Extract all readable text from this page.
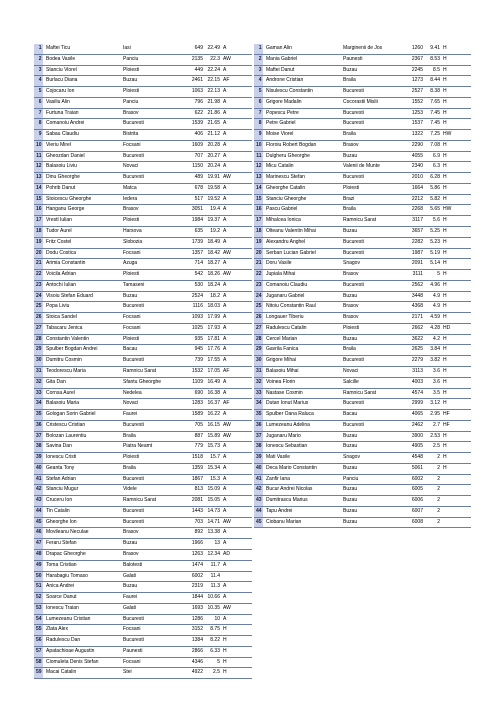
1	Maftei Ticu	Iasi	649	22.49	A
2	Bodea Vasile	Panciu	2135	22.3	AW
3	Stanciu Viorel	Ploiesti	449	22.24	A
4	Burlacu Diana	Buzau	2461	22.15	AF
5	Cojocaru Ion	Ploiesti	1063	22.13	A
6	Vasiliu Alin	Panciu	796	21.98	A
7	Furtuna Traian	Brasov	622	21.86	A
8	Comanoiu Andrei	Bucuresti	1539	21.65	A
9	Sabau Claudiu	Bistrita	406	21.12	A
10	Vieriu Mirel	Focsani	1609	20.28	A
11	Gheozdan Daniel	Bucuresti	707	20.27	A
12	Balasoiu Liviu	Novaci	1150	20.24	A
13	Dinu Gheorghe	Bucuresti	489	19.91	AW
14	Pohrib Danut	Matca	678	19.58	A
15	Stoicescu Gheorghe	Iedera	517	19.52	A
16	Hanganu George	Brasov	3051	19.4	A
17	Vrestl Iulian	Ploiesti	1984	19.37	A
18	Tudor Aurel	Harsova	635	19.2	A
19	Fritz Costel	Slobozia	1739	18.49	A
20	Dodu Costica	Focsani	1357	18.42	AW
21	Arimia Constantin	Azuga	714	18.27	A
22	Voicila Adrian	Ploiesti	542	18.26	AW
23	Antochi Iulian	Tamaseni	530	18.24	A
24	Visoiu Stefan Eduard	Buzau	2524	18.2	A
25	Popa Liviu	Bucuresti	1116	18.03	A
26	Stoica Sandel	Focsani	1093	17.99	A
27	Tabacaru Jenica	Focsani	1025	17.93	A
28	Constantin Valentin	Ploiesti	935	17.81	A
29	Spulber Bogdan Andrei	Bacau	945	17.76	A
30	Dumitru Cosmin	Bucuresti	739	17.55	A
31	Teodorescu Maria	Ramnicu Sarat	1532	17.05	AF
32	Gita Dan	Sfantu Gheorghe	1109	16.49	A
33	Cornsa Aurel	Nedelea	690	16.38	A
34	Balasoiu Maria	Novaci	1283	16.37	AF
35	Gologan Sorin Gabriel	Faurei	1589	16.22	A
36	Cristescu Cristian	Bucuresti	705	16.15	AW
37	Bolozan Laurentiu	Braila	887	15.89	AW
38	Savina Dan	Piatra Neamt	779	15.73	A
39	Ionescu Cristi	Ploiesti	1518	15.7	A
40	Geanta Tony	Braila	1359	15.34	A
41	Stefan Adrian	Bucuresti	1867	15.3	A
42	Stanciu Mugur	Videle	813	15.09	A
43	Cruceru Ion	Ramnicu Sarat	2081	15.05	A
44	Tin Catalin	Bucuresti	1443	14.73	A
45	Gheorghe Ion	Bucuresti	703	14.71	AW
46	Movileanu Neculae	Brasov	892	13.38	A
47	Feraru Stefan	Buzau	1966	13	A
48	Drapac Gheorghe	Brasov	1263	12.34	AD
49	Toma Cristian	Balotesti	1474	11.7	A
50	Harabagiu Tomaso	Galati	6002	11.4	
51	Anica Andrei	Buzau	2319	11.3	A
52	Soarce Danut	Faurei	1844	10.66	A
53	Ionescu Traian	Galati	1693	10.35	AW
54	Lumezeanu Cristian	Bucuresti	1286	10	A
55	Zlata Alex	Focsani	3152	8.75	H
56	Radulescu Dan	Bucuresti	1384	8.22	H
57	Apatachioae Augustin	Paunesti	2866	6.33	H
58	Ciomuleta Denis Stefan	Focsani	4346	5	H
59	Macai Catalin	Stei	4922	2.5	H
1	Gaman Alin	Marginenii de Jos	1260	9.41	H
2	Mania Gabriel	Paunesti	2367	8.53	H
3	Maftei Danut	Buzau	2245	8.5	H
4	Androne Cristian	Braila	1273	8.44	H
5	Nisulescu Constantin	Bucuresti	2527	8.38	H
6	Grigore Madalin	Cocorastii Mislii	1552	7.65	H
7	Popescu Petre	Bucuresti	1253	7.45	H
8	Petre Gabriel	Bucuresti	1537	7.45	H
9	Moise Viorel	Braila	1322	7.25	HW
10	Floroiu Robert Bogdan	Brasov	2290	7.08	H
11	Dulgheru Gheorghe	Buzau	4055	6.9	H
12	Micu Catalin	Valenii de Munte	2340	6.3	H
13	Marinescu Stefan	Bucuresti	2010	6.28	H
14	Gheorghe Catalin	Ploiesti	1664	5.86	H
15	Stanciu Gheorghe	Brazi	2212	5.82	H
16	Pascu Gabriel	Braila	2268	5.65	HW
17	Mihalcea Ionica	Ramnicu Sarat	3117	5.6	H
18	Olteanu Valentin Mihai	Buzau	3657	5.25	H
19	Alexandru Anghel	Bucuresti	2282	5.23	H
20	Serban Lucian Gabriel	Bucuresti	1987	5.19	H
21	Doru Vasile	Snagov	2091	5.14	H
22	Jupiala Mihai	Brasov	3111	5	H
23	Comanoiu Claudiu	Bucuresti	2562	4.96	H
24	Juganaru Gabriel	Buzau	3448	4.9	H
25	Nitoiu Constantin Raul	Brasov	4368	4.9	H
26	Longauer Tiberiu	Brasov	2171	4.59	H
27	Radulescu Catalin	Ploiesti	2662	4.28	HD
28	Cercel Marian	Buzau	3622	4.2	H
29	Gavrila Fanica	Braila	2625	3.84	H
30	Grigore Mihai	Bucuresti	2279	3.82	H
31	Balasoiu Mihai	Novaci	3113	3.6	H
32	Voinea Florin	Salcille	4003	3.6	H
33	Nastase Cosmin	Ramnicu Sarat	4574	3.5	H
34	Dutan Ionut Marius	Bucuresti	2999	3.12	H
35	Spulber Oana Raluca	Bacau	4065	2.95	HF
36	Lumezeanu Adelina	Bucuresti	2462	2.7	HF
37	Juganaru Mario	Buzau	3900	2.53	H
38	Ionescu Sebastian	Buzau	4905	2.5	H
39	Mati Vasile	Snagov	4548	2	H
40	Deca Mario Constantin	Buzau	5061	2	H
41	Zanfir Iana	Panciu	6002	2	
42	Bucur Andrei Nicolas	Buzau	6005	2	
43	Dumitrascu Marius	Buzau	6006	2	
44	Tapu Andrei	Buzau	6007	2	
45	Ciobanu Marian	Buzau	6008	2	
